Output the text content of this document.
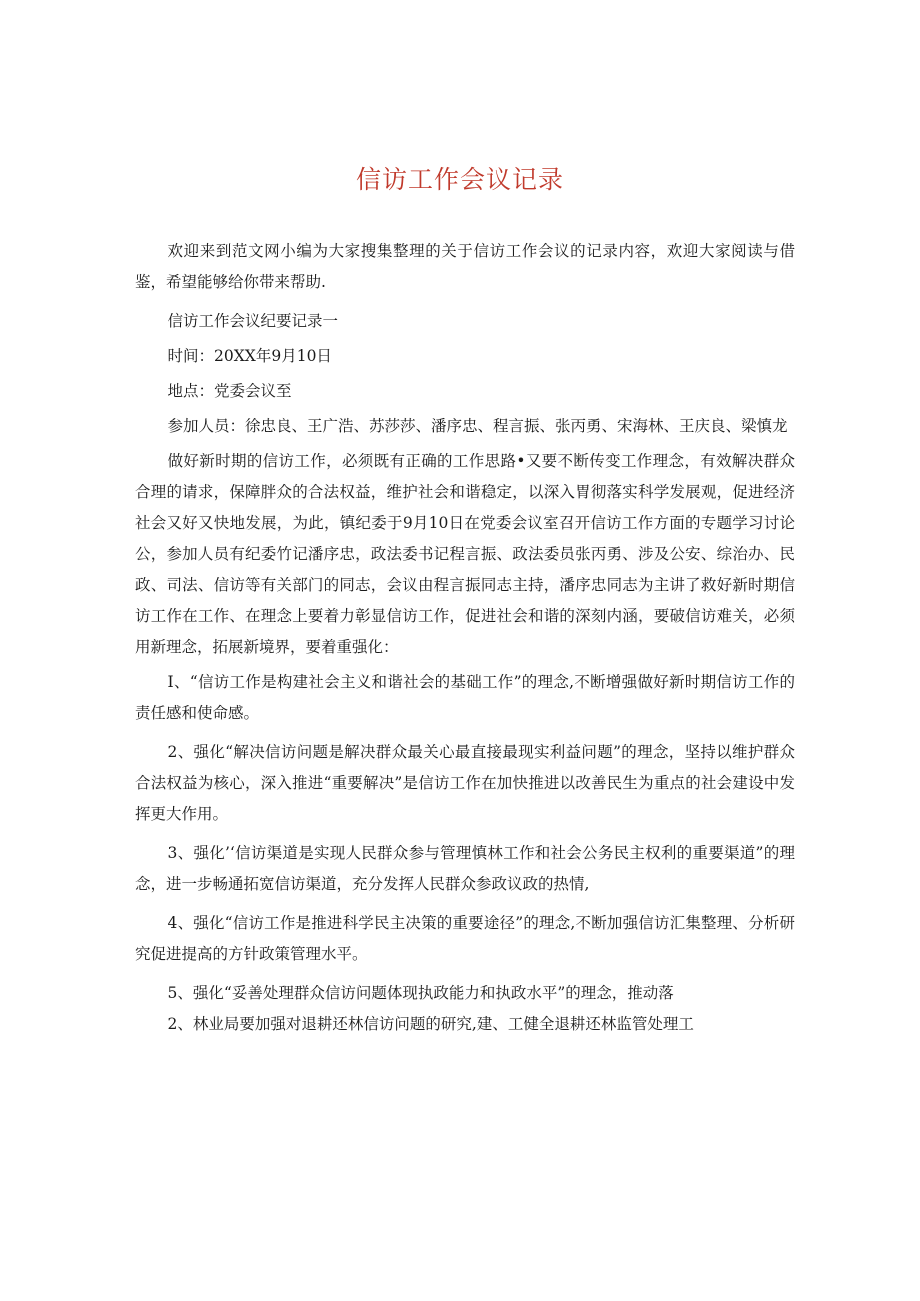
信访工作会议记录

欢迎来到范文网小编为大家搜集整理的关于信访工作会议的记录内容，欢迎大家阅读与借鉴，希望能够给你带来帮助.

信访工作会议纪要记录一

时间：20XX年9月10日

地点：党委会议至

参加人员：徐忠良、王广浩、苏莎莎、潘序忠、程言振、张丙勇、宋海林、王庆良、梁慎龙

做好新时期的信访工作，必须既有正确的工作思路•又要不断传变工作理念，有效解决群众合理的请求，保障胖众的合法权益，维护社会和谐稳定，以深入胃彻落实科学发展观，促进经济社会又好又快地发展，为此，镇纪委于9月10日在党委会议室召开信访工作方面的专题学习讨论公，参加人员有纪委竹记潘序忠，政法委书记程言振、政法委员张丙勇、涉及公安、综治办、民政、司法、信访等有关部门的同志，会议由程言振同志主持，潘序忠同志为主讲了救好新时期信访工作在工作、在理念上要着力彰显信访工作，促进社会和谐的深刻内涵，要破信访难关，必须用新理念，拓展新境界，要着重强化：

I、“信访工作是构建社会主义和谐社会的基础工作”的理念,不断增强做好新时期信访工作的责任感和使命感。

2、强化“解决信访问题是解决群众最关心最直接最现实利益问题”的理念，坚持以维护群众合法权益为核心，深入推进“重要解决”是信访工作在加快推进以改善民生为重点的社会建设中发挥更大作用。

3、强化’‘信访渠道是实现人民群众参与管理慎林工作和社会公务民主权利的重要渠道”的理念，进一步畅通拓宽信访渠道，充分发挥人民群众参政议政的热情,

4、强化“信访工作是推进科学民主决策的重要途径”的理念,不断加强信访汇集整理、分析研究促进提高的方针政策管理水平。

5、强化“妥善处理群众信访问题体现执政能力和执政水平”的理念，推动落

2、林业局要加强对退耕还林信访问题的研究,建、工健全退耕还林监管处理工
